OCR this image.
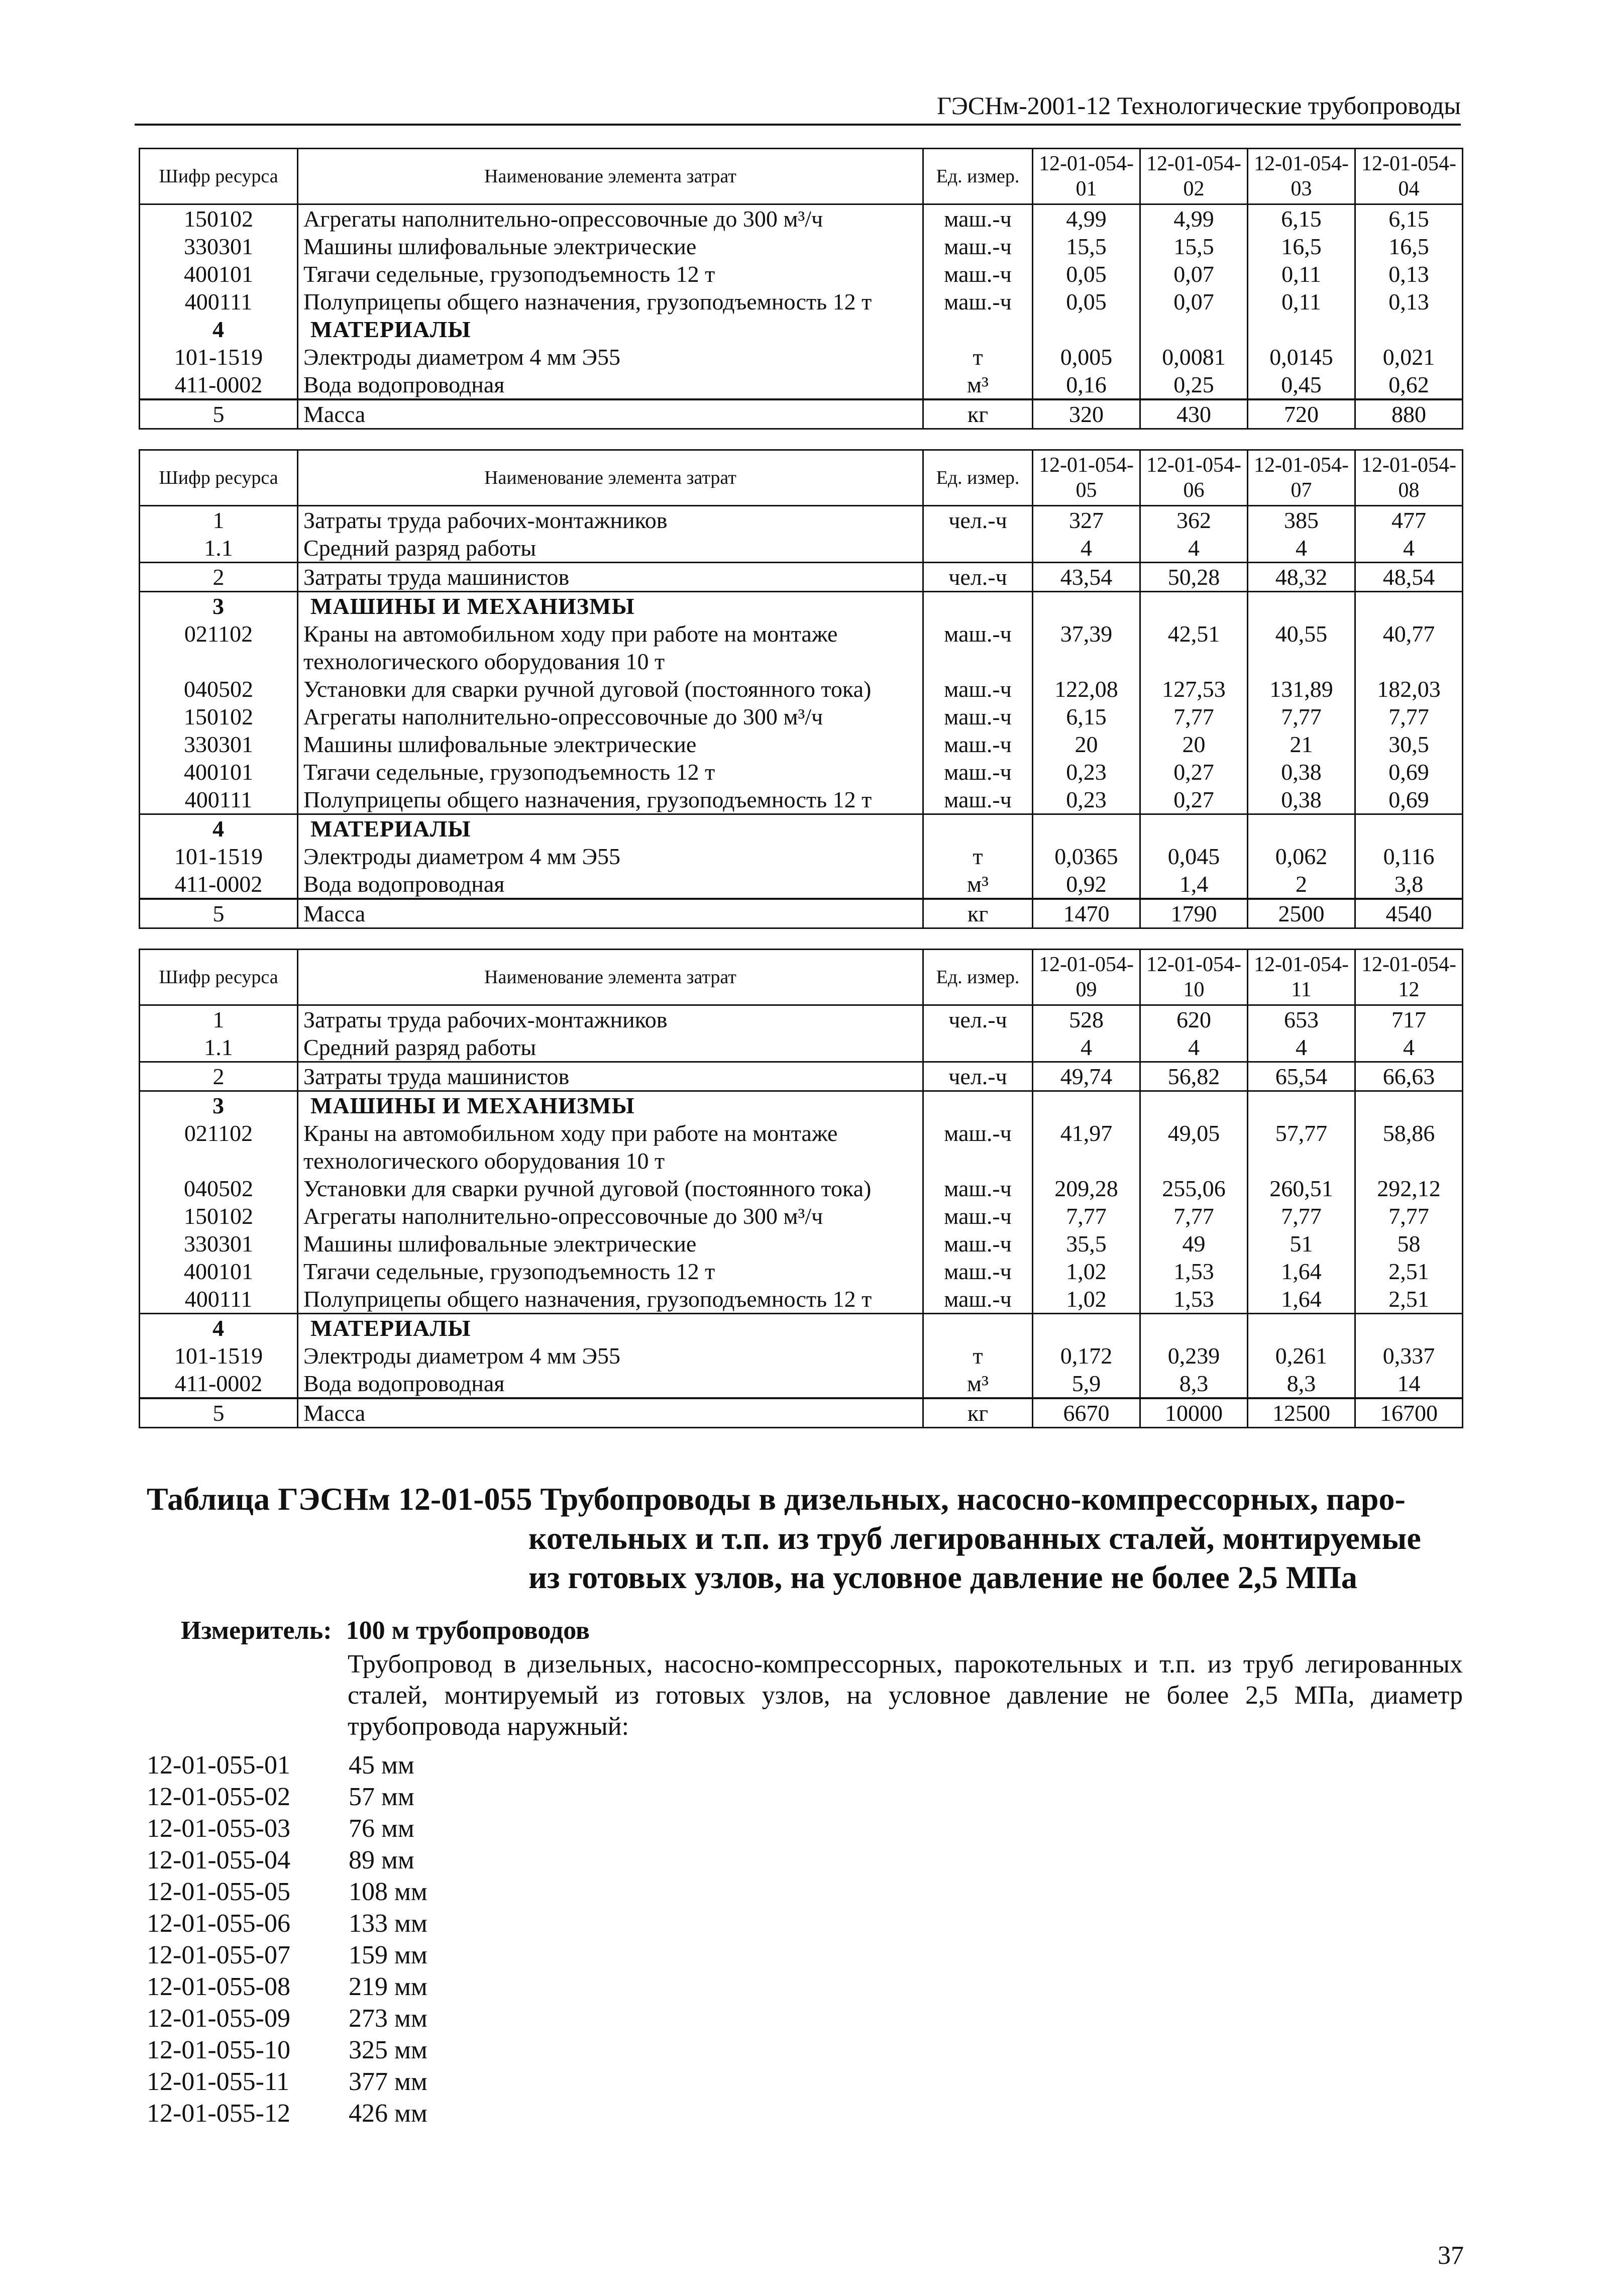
ГЭСНм-2001-12 Технологические трубопроводы
Шифр ресурса	Наименование элемента затрат	Ед. измер.	12-01-054-01	12-01-054-02	12-01-054-03	12-01-054-04
150102	Агрегаты наполнительно-опрессовочные до 300 м³/ч	маш.-ч	4,99	4,99	6,15	6,15
330301	Машины шлифовальные электрические	маш.-ч	15,5	15,5	16,5	16,5
400101	Тягачи седельные, грузоподъемность 12 т	маш.-ч	0,05	0,07	0,11	0,13
400111	Полуприцепы общего назначения, грузоподъемность 12 т	маш.-ч	0,05	0,07	0,11	0,13
4	МАТЕРИАЛЫ					
101-1519	Электроды диаметром 4 мм Э55	т	0,005	0,0081	0,0145	0,021
411-0002	Вода водопроводная	м³	0,16	0,25	0,45	0,62
5	Масса	кг	320	430	720	880
Шифр ресурса	Наименование элемента затрат	Ед. измер.	12-01-054-05	12-01-054-06	12-01-054-07	12-01-054-08
1	Затраты труда рабочих-монтажников	чел.-ч	327	362	385	477
1.1	Средний разряд работы		4	4	4	4
2	Затраты труда машинистов	чел.-ч	43,54	50,28	48,32	48,54
3	МАШИНЫ И МЕХАНИЗМЫ					
021102	Краны на автомобильном ходу при работе на монтаже технологического оборудования 10 т	маш.-ч	37,39	42,51	40,55	40,77
040502	Установки для сварки ручной дуговой (постоянного тока)	маш.-ч	122,08	127,53	131,89	182,03
150102	Агрегаты наполнительно-опрессовочные до 300 м³/ч	маш.-ч	6,15	7,77	7,77	7,77
330301	Машины шлифовальные электрические	маш.-ч	20	20	21	30,5
400101	Тягачи седельные, грузоподъемность 12 т	маш.-ч	0,23	0,27	0,38	0,69
400111	Полуприцепы общего назначения, грузоподъемность 12 т	маш.-ч	0,23	0,27	0,38	0,69
4	МАТЕРИАЛЫ					
101-1519	Электроды диаметром 4 мм Э55	т	0,0365	0,045	0,062	0,116
411-0002	Вода водопроводная	м³	0,92	1,4	2	3,8
5	Масса	кг	1470	1790	2500	4540
Шифр ресурса	Наименование элемента затрат	Ед. измер.	12-01-054-09	12-01-054-10	12-01-054-11	12-01-054-12
1	Затраты труда рабочих-монтажников	чел.-ч	528	620	653	717
1.1	Средний разряд работы		4	4	4	4
2	Затраты труда машинистов	чел.-ч	49,74	56,82	65,54	66,63
3	МАШИНЫ И МЕХАНИЗМЫ					
021102	Краны на автомобильном ходу при работе на монтаже технологического оборудования 10 т	маш.-ч	41,97	49,05	57,77	58,86
040502	Установки для сварки ручной дуговой (постоянного тока)	маш.-ч	209,28	255,06	260,51	292,12
150102	Агрегаты наполнительно-опрессовочные до 300 м³/ч	маш.-ч	7,77	7,77	7,77	7,77
330301	Машины шлифовальные электрические	маш.-ч	35,5	49	51	58
400101	Тягачи седельные, грузоподъемность 12 т	маш.-ч	1,02	1,53	1,64	2,51
400111	Полуприцепы общего назначения, грузоподъемность 12 т	маш.-ч	1,02	1,53	1,64	2,51
4	МАТЕРИАЛЫ					
101-1519	Электроды диаметром 4 мм Э55	т	0,172	0,239	0,261	0,337
411-0002	Вода водопроводная	м³	5,9	8,3	8,3	14
5	Масса	кг	6670	10000	12500	16700
Таблица ГЭСНм 12-01-055 Трубопроводы в дизельных, насосно-компрессорных, паро-
котельных и т.п. из труб легированных сталей, монтируемые
из готовых узлов, на условное давление не более 2,5 МПа
Измеритель: 100 м трубопроводов
Трубопровод в дизельных, насосно-компрессорных, парокотельных и т.п. из труб легированных сталей, монтируемый из готовых узлов, на условное давление не более 2,5 МПа, диаметр трубопровода наружный:
12-01-055-01	45 мм
12-01-055-02	57 мм
12-01-055-03	76 мм
12-01-055-04	89 мм
12-01-055-05	108 мм
12-01-055-06	133 мм
12-01-055-07	159 мм
12-01-055-08	219 мм
12-01-055-09	273 мм
12-01-055-10	325 мм
12-01-055-11	377 мм
12-01-055-12	426 мм
37
